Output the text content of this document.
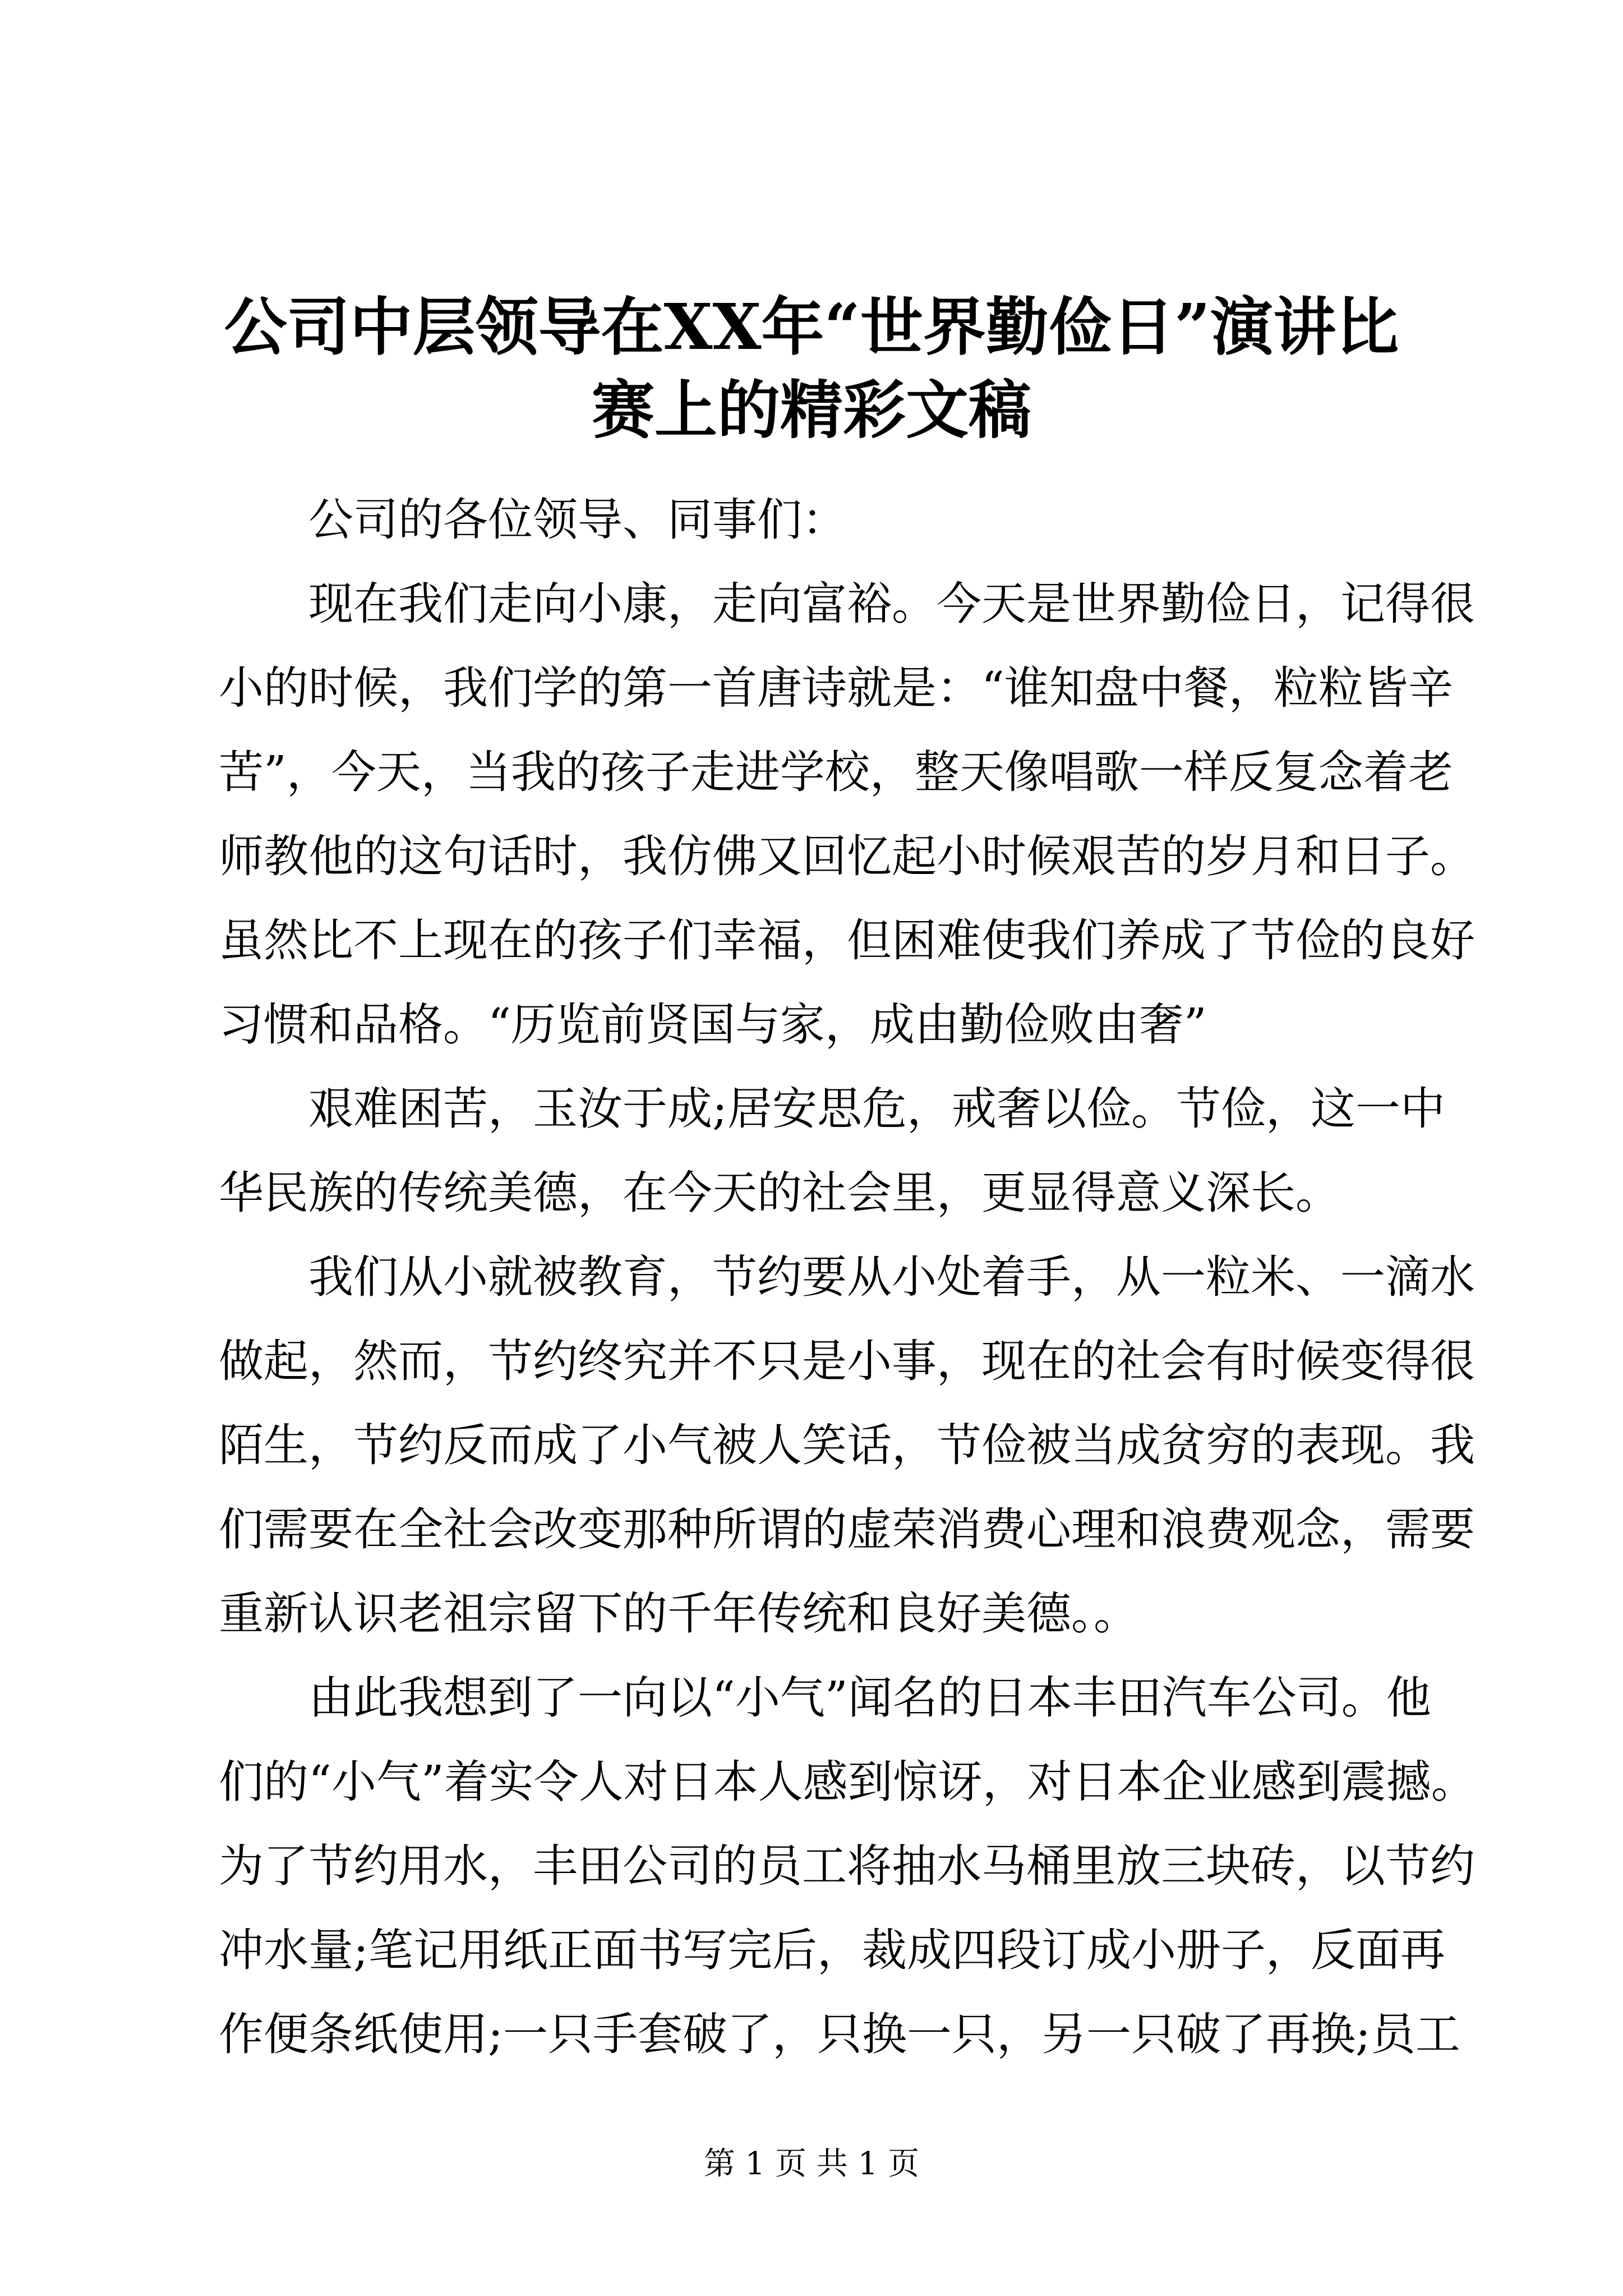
公司中层领导在XX年“世界勤俭日”演讲比
赛上的精彩文稿
公司的各位领导、同事们：
现在我们走向小康，走向富裕。今天是世界勤俭日，记得很
小的时候，我们学的第一首唐诗就是：“谁知盘中餐，粒粒皆辛
苦”，今天，当我的孩子走进学校，整天像唱歌一样反复念着老
师教他的这句话时，我仿佛又回忆起小时候艰苦的岁月和日子。
虽然比不上现在的孩子们幸福，但困难使我们养成了节俭的良好
习惯和品格。“历览前贤国与家，成由勤俭败由奢”
艰难困苦，玉汝于成;居安思危，戒奢以俭。节俭，这一中
华民族的传统美德，在今天的社会里，更显得意义深长。
我们从小就被教育，节约要从小处着手，从一粒米、一滴水
做起，然而，节约终究并不只是小事，现在的社会有时候变得很
陌生，节约反而成了小气被人笑话，节俭被当成贫穷的表现。我
们需要在全社会改变那种所谓的虚荣消费心理和浪费观念，需要
重新认识老祖宗留下的千年传统和良好美德。。
由此我想到了一向以“小气”闻名的日本丰田汽车公司。他
们的“小气”着实令人对日本人感到惊讶，对日本企业感到震撼。
为了节约用水，丰田公司的员工将抽水马桶里放三块砖，以节约
冲水量;笔记用纸正面书写完后，裁成四段订成小册子，反面再
作便条纸使用;一只手套破了，只换一只，另一只破了再换;员工
第 1 页 共 1 页
